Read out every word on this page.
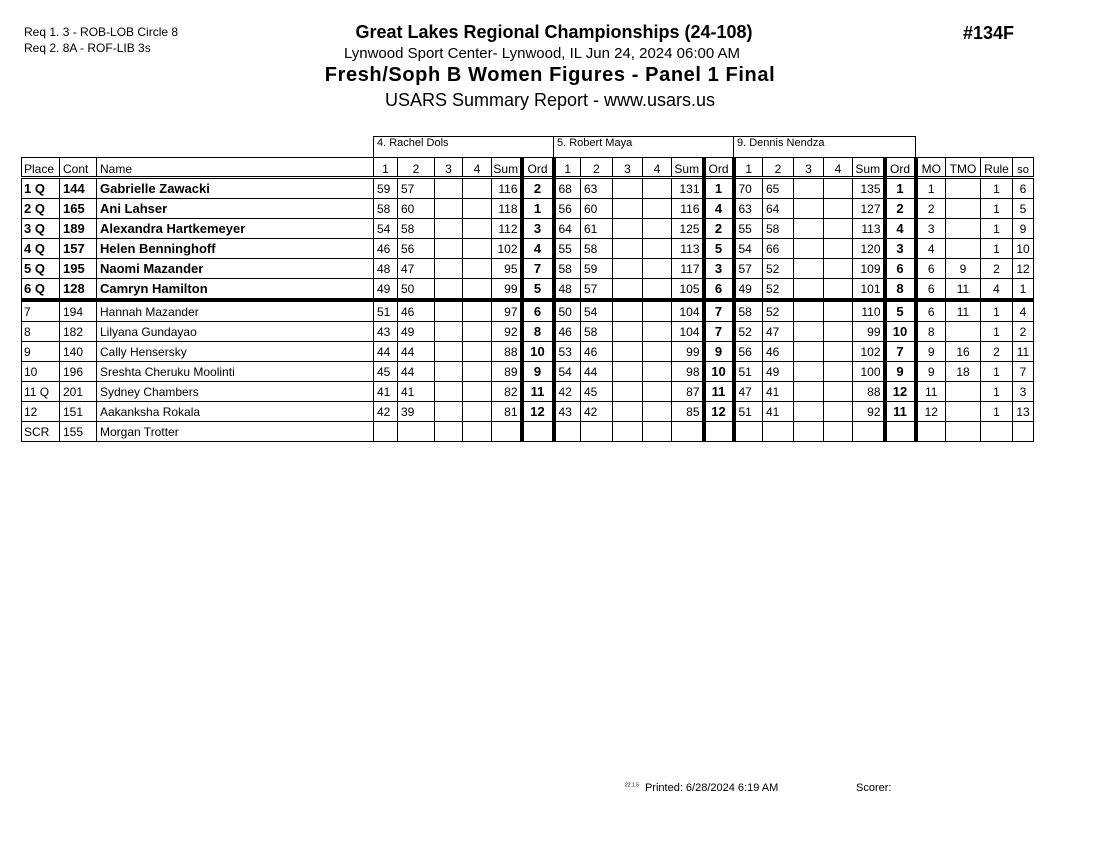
Req 1. 3 - ROB-LOB Circle 8
Req 2. 8A - ROF-LIB 3s
Great Lakes Regional Championships (24-108)
Lynwood Sport Center- Lynwood, IL Jun 24, 2024 06:00 AM
Fresh/Soph B Women Figures - Panel 1 Final
USARS Summary Report - www.usars.us
#134F
			4. Rachel Dols						5. Robert Maya						9. Dennis Nendza									
Place	Cont	Name	1	2	3	4	Sum	Ord	1	2	3	4	Sum	Ord	1	2	3	4	Sum	Ord	MO	TMO	Rule	so
1 Q	144	Gabrielle Zawacki	59	57			116	2	68	63			131	1	70	65			135	1	1		1	6
2 Q	165	Ani Lahser	58	60			118	1	56	60			116	4	63	64			127	2	2		1	5
3 Q	189	Alexandra Hartkemeyer	54	58			112	3	64	61			125	2	55	58			113	4	3		1	9
4 Q	157	Helen Benninghoff	46	56			102	4	55	58			113	5	54	66			120	3	4		1	10
5 Q	195	Naomi Mazander	48	47			95	7	58	59			117	3	57	52			109	6	6	9	2	12
6 Q	128	Camryn Hamilton	49	50			99	5	48	57			105	6	49	52			101	8	6	11	4	1
7	194	Hannah Mazander	51	46			97	6	50	54			104	7	58	52			110	5	6	11	1	4
8	182	Lilyana Gundayao	43	49			92	8	46	58			104	7	52	47			99	10	8		1	2
9	140	Cally Hensersky	44	44			88	10	53	46			99	9	56	46			102	7	9	16	2	11
10	196	Sreshta Cheruku Moolinti	45	44			89	9	54	44			98	10	51	49			100	9	9	18	1	7
11 Q	201	Sydney Chambers	41	41			82	11	42	45			87	11	47	41			88	12	11		1	3
12	151	Aakanksha Rokala	42	39			81	12	43	42			85	12	51	41			92	11	12		1	13
SCR	155	Morgan Trotter																						
$^{22.1.5}$ Printed: 6/28/2024 6:19 AM	Scorer:
